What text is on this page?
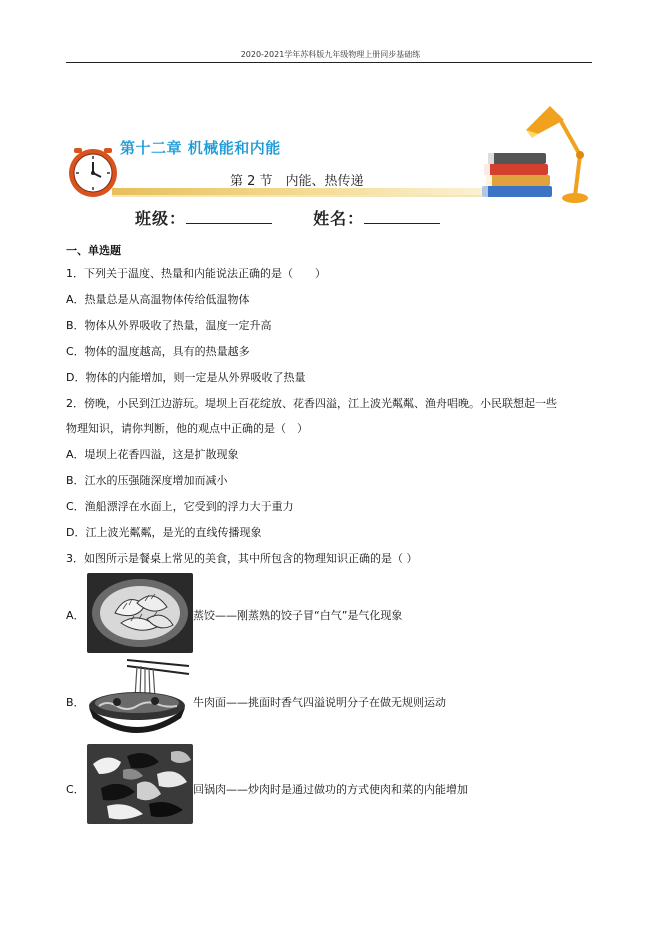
2020-2021学年苏科版九年级物理上册同步基础练
第十二章 机械能和内能
第 2 节　内能、热传递
班级：	姓名：
一、单选题
1．下列关于温度、热量和内能说法正确的是（　　）
A．热量总是从高温物体传给低温物体
B．物体从外界吸收了热量，温度一定升高
C．物体的温度越高，具有的热量越多
D．物体的内能增加，则一定是从外界吸收了热量
2．傍晚，小民到江边游玩。堤坝上百花绽放、花香四溢，江上波光粼粼、渔舟唱晚。小民联想起一些
物理知识，请你判断，他的观点中正确的是（　）
A．堤坝上花香四溢，这是扩散现象
B．江水的压强随深度增加而减小
C．渔船漂浮在水面上，它受到的浮力大于重力
D．江上波光粼粼，是光的直线传播现象
3．如图所示是餐桌上常见的美食，其中所包含的物理知识正确的是（ ）
A．	蒸饺——刚蒸熟的饺子冒“白气”是气化现象
B．	牛肉面——挑面时香气四溢说明分子在做无规则运动
C．	回锅肉——炒肉时是通过做功的方式使肉和菜的内能增加
